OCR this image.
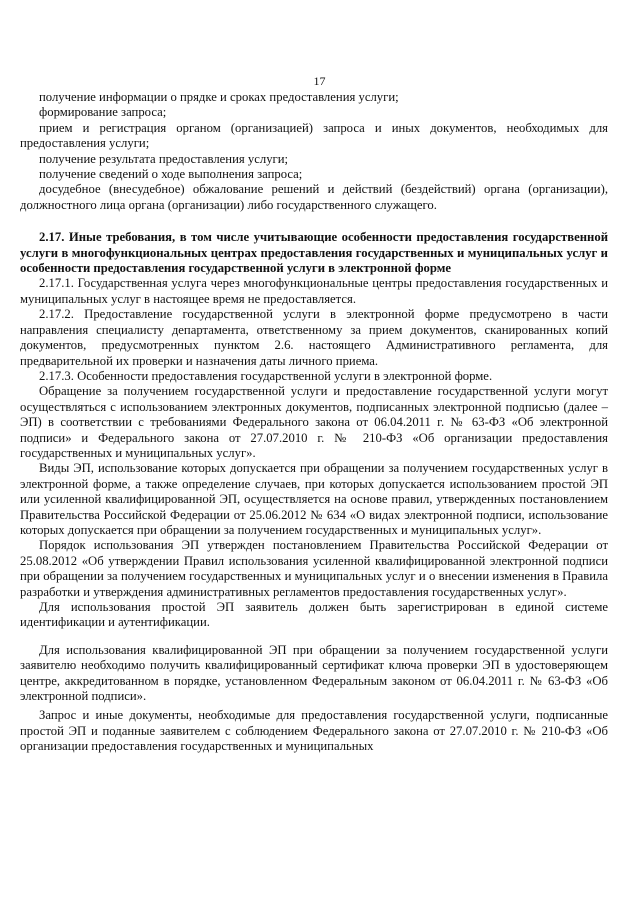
17

получение информации о прядке и сроках предоставления услуги;

формирование запроса;

прием и регистрация органом (организацией) запроса и иных документов, необходимых для предоставления услуги;

получение результата предоставления услуги;

получение сведений о ходе выполнения запроса;

досудебное (внесудебное) обжалование решений и действий (бездействий) органа (организации), должностного лица органа (организации) либо государственного служащего.

2.17. Иные требования, в том числе учитывающие особенности предоставления государственной услуги в многофункциональных центрах предоставления государственных и муниципальных услуг и особенности предоставления государственной услуги в электронной форме

2.17.1. Государственная услуга через многофункциональные центры предоставления государственных и муниципальных услуг в настоящее время не предоставляется.

2.17.2. Предоставление государственной услуги в электронной форме предусмотрено в части направления специалисту департамента, ответственному за прием документов, сканированных копий документов, предусмотренных пунктом 2.6. настоящего Административного регламента, для предварительной их проверки и назначения даты личного приема.

2.17.3. Особенности предоставления государственной услуги в электронной форме.

Обращение за получением государственной услуги и предоставление государственной услуги могут осуществляться с использованием электронных документов, подписанных электронной подписью (далее – ЭП) в соответствии с требованиями Федерального закона от 06.04.2011 г. № 63-ФЗ «Об электронной подписи» и Федерального закона от 27.07.2010 г. № 210-ФЗ «Об организации предоставления государственных и муниципальных услуг».

Виды ЭП, использование которых допускается при обращении за получением государственных услуг в электронной форме, а также определение случаев, при которых допускается использованием простой ЭП или усиленной квалифицированной ЭП, осуществляется на основе правил, утвержденных постановлением Правительства Российской Федерации от 25.06.2012 № 634 «О видах электронной подписи, использование которых допускается при обращении за получением государственных и муниципальных услуг».

Порядок использования ЭП утвержден постановлением Правительства Российской Федерации от 25.08.2012 «Об утверждении Правил использования усиленной квалифицированной электронной подписи при обращении за получением государственных и муниципальных услуг и о внесении изменения в Правила разработки и утверждения административных регламентов предоставления государственных услуг».

Для использования простой ЭП заявитель должен быть зарегистрирован в единой системе идентификации и аутентификации.

Для использования квалифицированной ЭП при обращении за получением государственной услуги заявителю необходимо получить квалифицированный сертификат ключа проверки ЭП в удостоверяющем центре, аккредитованном в порядке, установленном Федеральным законом от 06.04.2011 г. № 63-ФЗ «Об электронной подписи».

Запрос и иные документы, необходимые для предоставления государственной услуги, подписанные простой ЭП и поданные заявителем с соблюдением Федерального закона от 27.07.2010 г. № 210-ФЗ «Об организации предоставления государственных и муниципальных
